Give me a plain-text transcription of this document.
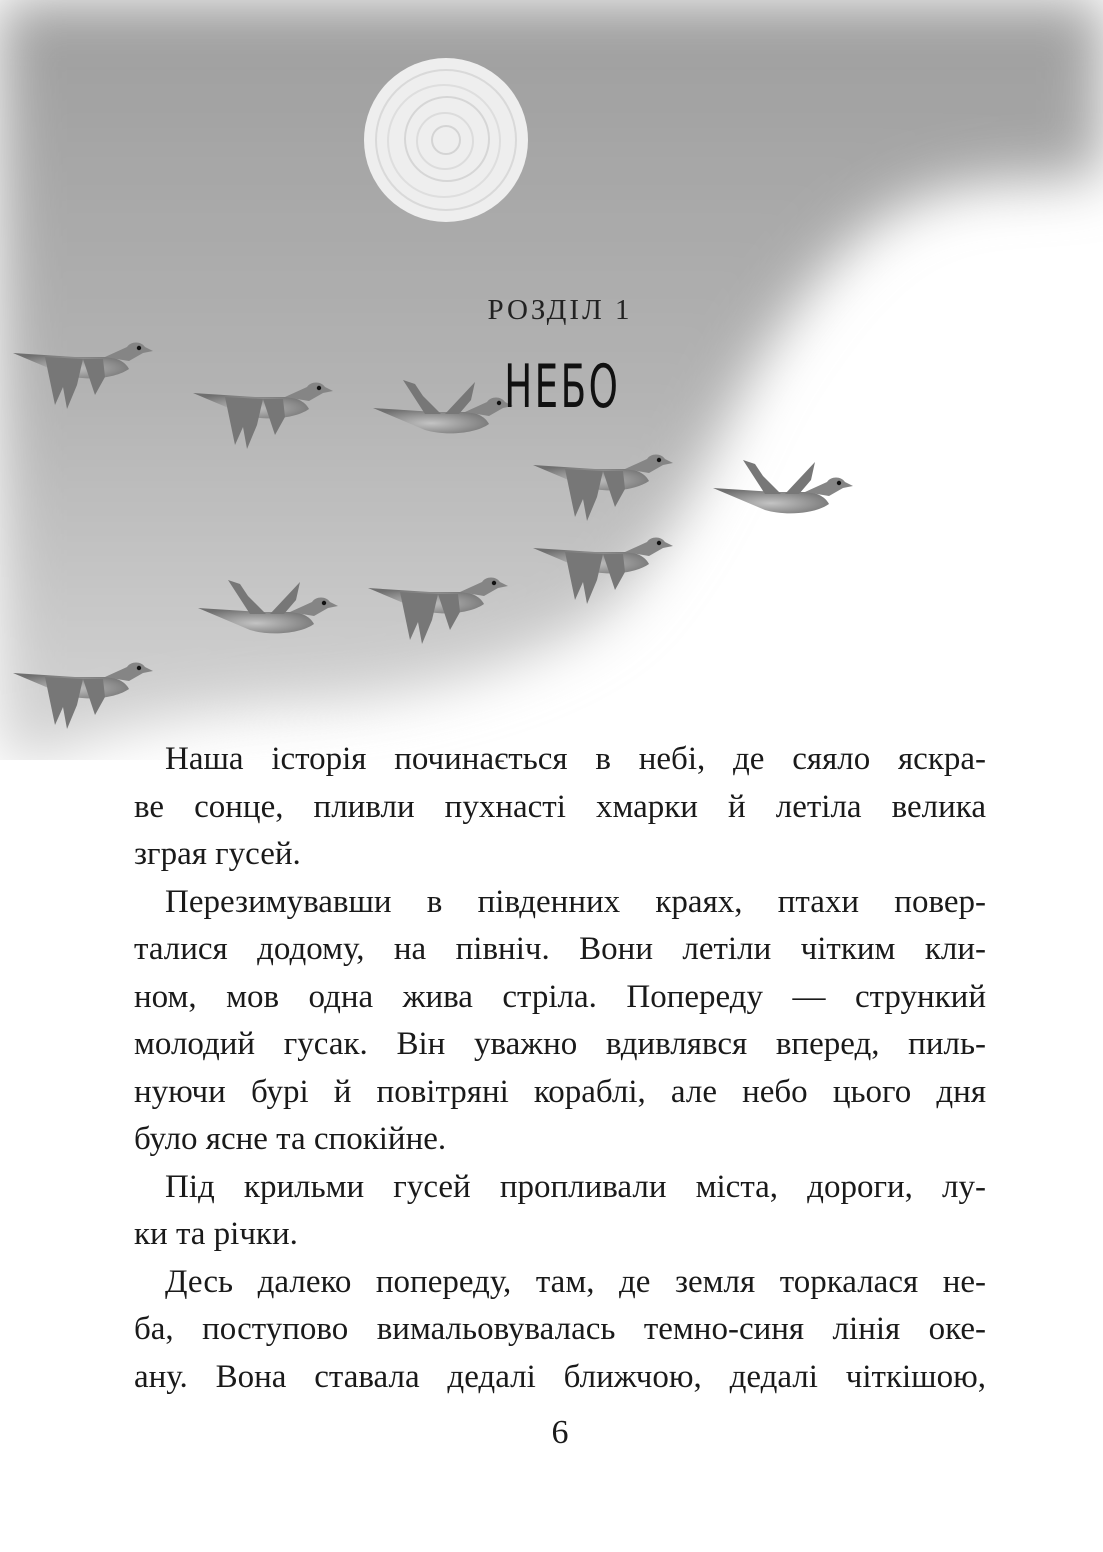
РОЗДІЛ 1
НЕБО
Наша історія починається в небі, де сяяло яскра-
ве сонце, пливли пухнасті хмарки й летіла велика
зграя гусей.
Перезимувавши в південних краях, птахи повер-
талися додому, на північ. Вони летіли чітким кли-
ном, мов одна жива стріла. Попереду — стрункий
молодий гусак. Він уважно вдивлявся вперед, пиль-
нуючи бурі й повітряні кораблі, але небо цього дня
було ясне та спокійне.
Під крильми гусей пропливали міста, дороги, лу-
ки та річки.
Десь далеко попереду, там, де земля торкалася не-
ба, поступово вимальовувалась темно-синя лінія оке-
ану. Вона ставала дедалі ближчою, дедалі чіткішою,
6
